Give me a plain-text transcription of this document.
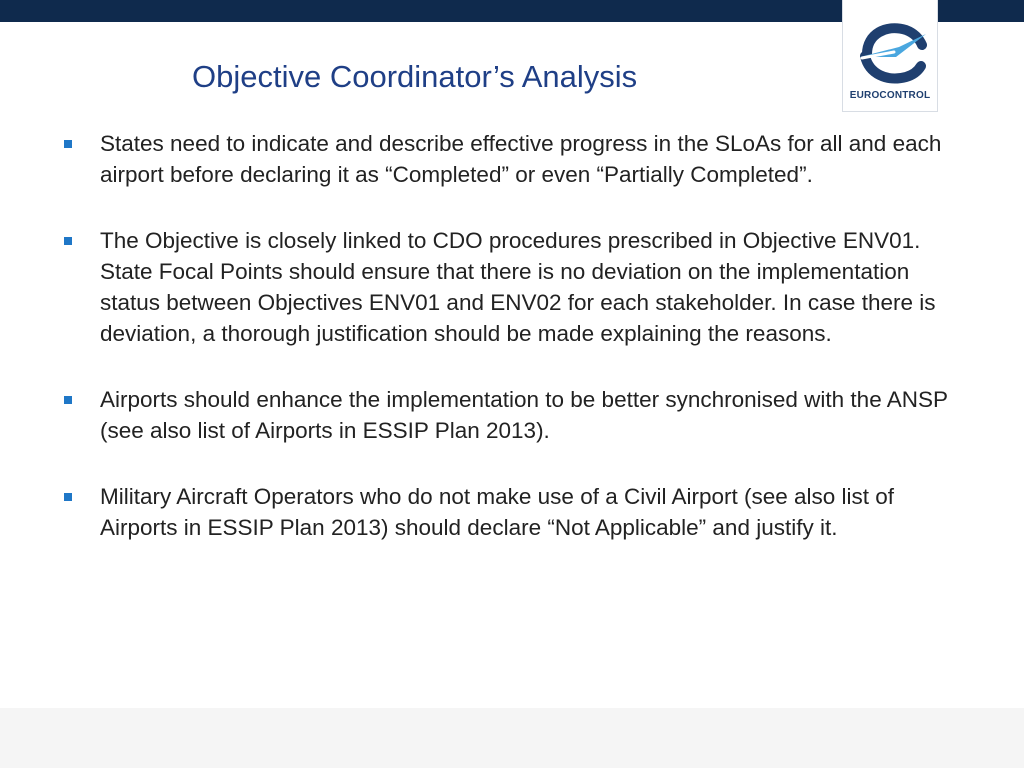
EUROCONTROL
Objective Coordinator’s Analysis
States need to indicate and describe effective progress in the SLoAs for all and each airport before declaring it as “Completed” or even “Partially Completed”.
The Objective is closely linked to CDO procedures prescribed in Objective ENV01. State Focal Points should ensure that there is no deviation on the implementation status between Objectives ENV01 and ENV02 for each stakeholder. In case there is deviation, a thorough justification should be made explaining the reasons.
Airports should enhance the implementation to be better synchronised with the ANSP (see also list of Airports in ESSIP Plan 2013).
Military Aircraft Operators who do not make use of a Civil Airport (see also list of Airports in ESSIP Plan 2013) should declare “Not Applicable” and justify it.
